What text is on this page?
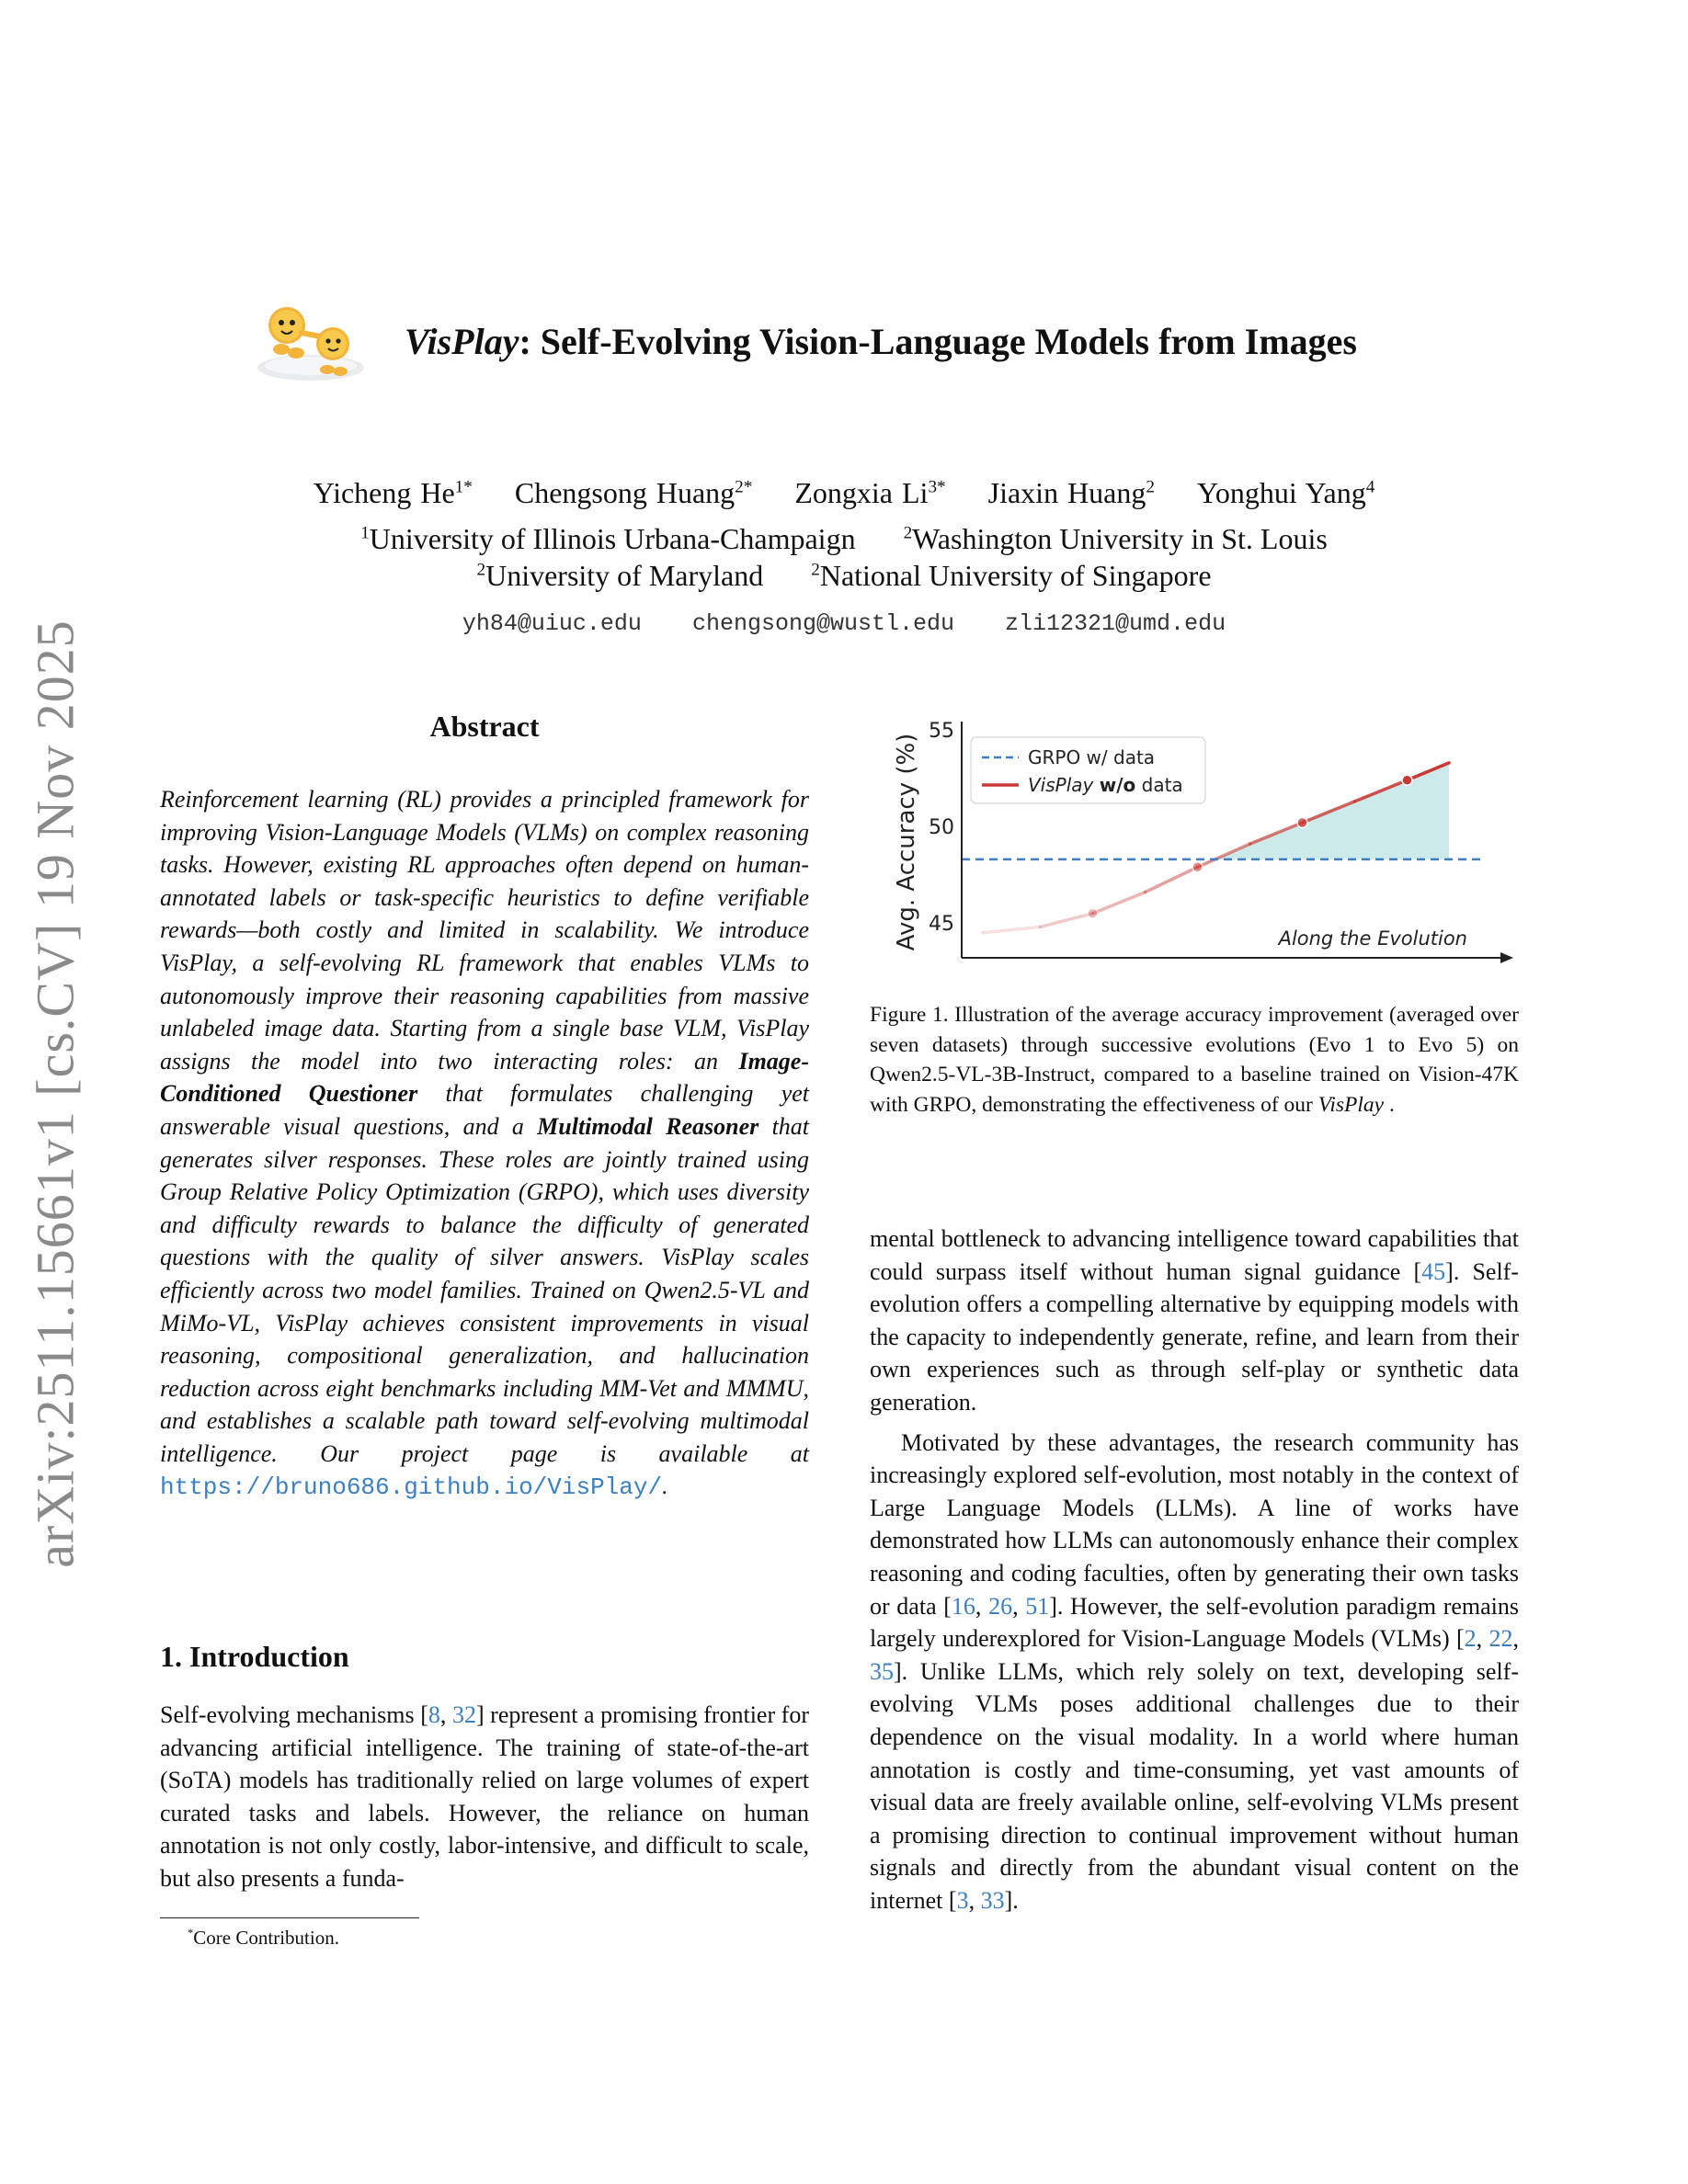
arXiv:2511.15661v1 [cs.CV] 19 Nov 2025
VisPlay: Self-Evolving Vision-Language Models from Images
Yicheng $He^{1*}$ Chengsong Huang$^{2*}$ Zongxia $Li^{3*}$ Jiaxin Huang$^2$ Yonghui Yang$^4$
$^1$University of Illinois Urbana-Champaign	$^2$Washington University in St. Louis
$^2$University of Maryland	$^2$National University of Singapore
yh84@uiuc.edu chengsong@wustl.edu zli12321@umd.edu
Abstract
Reinforcement learning (RL) provides a principled framework for improving Vision-Language Models (VLMs) on complex reasoning tasks. However, existing RL approaches often depend on human-annotated labels or task-specific heuristics to define verifiable rewards—both costly and limited in scalability. We introduce VisPlay, a self-evolving RL framework that enables VLMs to autonomously improve their reasoning capabilities from massive unlabeled image data. Starting from a single base VLM, VisPlay assigns the model into two interacting roles: an Image-Conditioned Questioner that formulates challenging yet answerable visual questions, and a Multimodal Reasoner that generates silver responses. These roles are jointly trained using Group Relative Policy Optimization (GRPO), which uses diversity and difficulty rewards to balance the difficulty of generated questions with the quality of silver answers. VisPlay scales efficiently across two model families. Trained on Qwen2.5-VL and MiMo-VL, VisPlay achieves consistent improvements in visual reasoning, compositional generalization, and hallucination reduction across eight benchmarks including MM-Vet and MMMU, and establishes a scalable path toward self-evolving multimodal intelligence. Our project page is available at https://bruno686.github.io/VisPlay/.
1. Introduction
Self-evolving mechanisms [8, 32] represent a promising frontier for advancing artificial intelligence. The training of state-of-the-art (SoTA) models has traditionally relied on large volumes of expert curated tasks and labels. However, the reliance on human annotation is not only costly, labor-intensive, and difficult to scale, but also presents a funda-
*Core Contribution.
45
50
55
Avg. Accuracy (%)	Along the Evolution
GRPO w/ data
VisPlay w/o data
Figure 1. Illustration of the average accuracy improvement (averaged over seven datasets) through successive evolutions (Evo 1 to Evo 5) on Qwen2.5-VL-3B-Instruct, compared to a baseline trained on Vision-47K with GRPO, demonstrating the effectiveness of our VisPlay .

mental bottleneck to advancing intelligence toward capabilities that could surpass itself without human signal guidance [45]. Self-evolution offers a compelling alternative by equipping models with the capacity to independently generate, refine, and learn from their own experiences such as through self-play or synthetic data generation.

Motivated by these advantages, the research community has increasingly explored self-evolution, most notably in the context of Large Language Models (LLMs). A line of works have demonstrated how LLMs can autonomously enhance their complex reasoning and coding faculties, often by generating their own tasks or data [16, 26, 51]. However, the self-evolution paradigm remains largely underexplored for Vision-Language Models (VLMs) [2, 22, 35]. Unlike LLMs, which rely solely on text, developing self-evolving VLMs poses additional challenges due to their dependence on the visual modality. In a world where human annotation is costly and time-consuming, yet vast amounts of visual data are freely available online, self-evolving VLMs present a promising direction to continual improvement without human signals and directly from the abundant visual content on the internet [3, 33].
